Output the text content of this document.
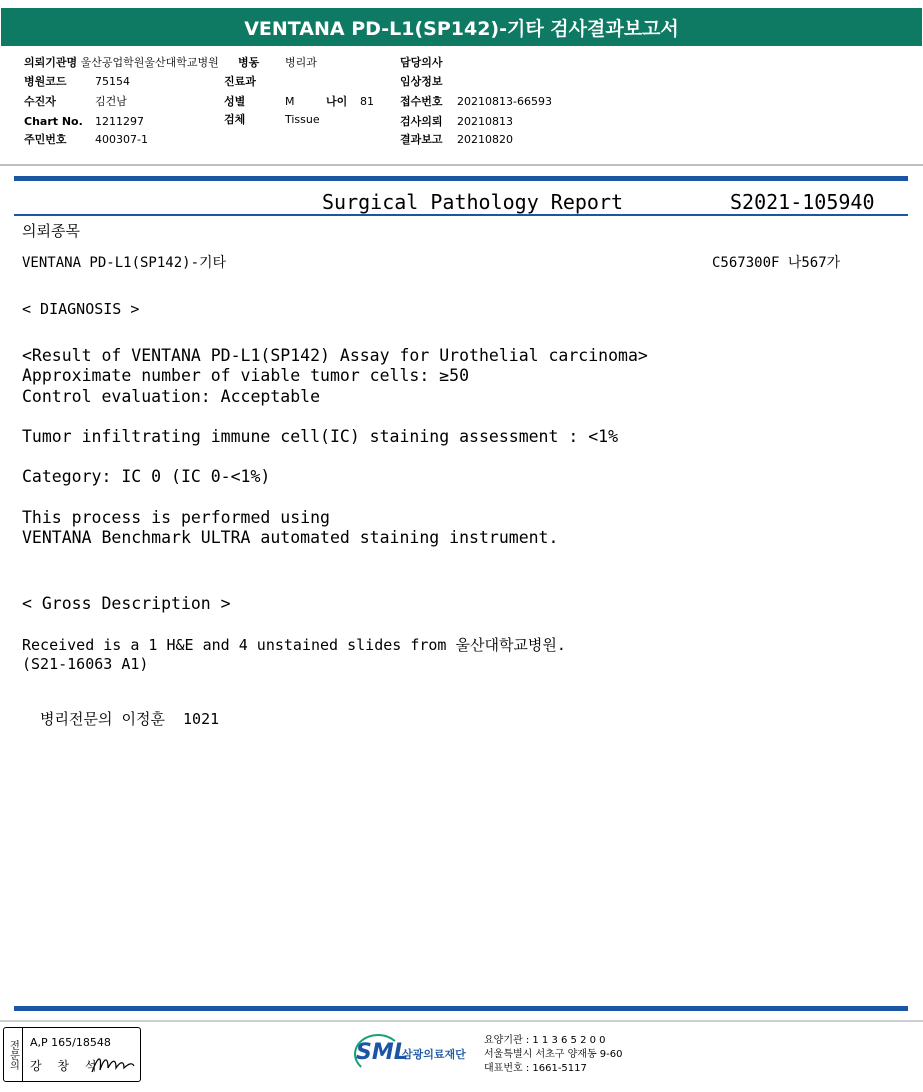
VENTANA PD-L1(SP142)-기타 검사결과보고서
의뢰기관명 울산공업학원울산대학교병원
병원코드	75154
수진자	김건남
Chart No. 1211297
주민번호	400307-1
병동 병리과
진료과
성별	M	나이 81
검체	Tissue
담당의사
임상정보
접수번호 20210813-66593
검사의뢰 20210813
결과보고 20210820
Surgical Pathology Report	S2021-105940
의뢰종목
VENTANA PD-L1(SP142)-기타	C567300F 나567가
< DIAGNOSIS >
<Result of VENTANA PD-L1(SP142) Assay for Urothelial carcinoma>
Approximate number of viable tumor cells: ≥50
Control evaluation: Acceptable
Tumor infiltrating immune cell(IC) staining assessment : <1%
Category: IC 0 (IC 0-<1%)
This process is performed using
VENTANA Benchmark ULTRA automated staining instrument.
< Gross Description >
Received is a 1 H&E and 4 unstained slides from 울산대학교병원.
(S21-16063 A1)
병리전문의 이정훈  1021
전문의	A,P 165/18548
강 창 석
SML
삼광의료재단
요양기관 : 1 1 3 6 5 2 0 0
서울특별시 서초구 양재동 9-60
대표번호 : 1661-5117
